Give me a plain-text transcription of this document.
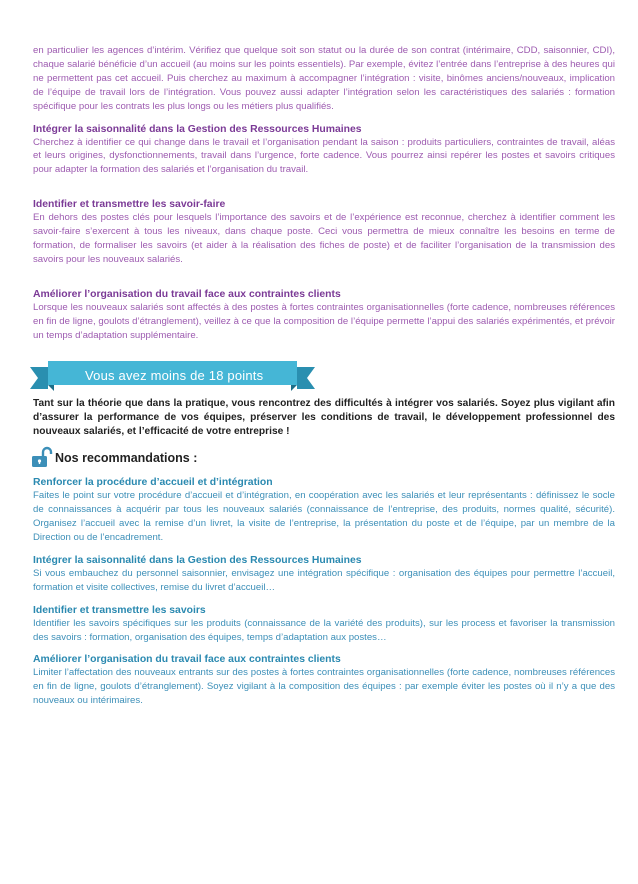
en particulier les agences d’intérim. Vérifiez que quelque soit son statut ou la durée de son contrat (intérimaire, CDD, saisonnier, CDI), chaque salarié bénéficie d’un accueil (au moins sur les points essentiels). Par exemple, évitez l’entrée dans l’entreprise à des heures qui ne permettent pas cet accueil. Puis cherchez au maximum à accompagner l’intégration : visite, binômes anciens/nouveaux, implication de l’équipe de travail lors de l’intégration. Vous pouvez aussi adapter l’intégration selon les caractéristiques des salariés : formation spécifique pour les contrats les plus longs ou les métiers plus qualifiés.

Intégrer la saisonnalité dans la Gestion des Ressources Humaines

Cherchez à identifier ce qui change dans le travail et l’organisation pendant la saison : produits particuliers, contraintes de travail, aléas et leurs origines, dysfonctionnements, travail dans l’urgence, forte cadence. Vous pourrez ainsi repérer les postes et savoirs critiques pour adapter la formation des salariés et l’organisation du travail.

Identifier et transmettre les savoir-faire

En dehors des postes clés pour lesquels l’importance des savoirs et de l’expérience est reconnue, cherchez à identifier comment les savoir-faire s’exercent à tous les niveaux, dans chaque poste. Ceci vous permettra de mieux connaître les besoins en terme de formation, de formaliser les savoirs (et aider à la réalisation des fiches de poste) et de faciliter l’organisation de la transmission des savoirs pour les nouveaux salariés.

Améliorer l’organisation du travail face aux contraintes clients

Lorsque les nouveaux salariés sont affectés à des postes à fortes contraintes organisationnelles (forte cadence, nombreuses références en fin de ligne, goulots d’étranglement), veillez à ce que la composition de l’équipe permette l’appui des salariés expérimentés, et prévoir un temps d’adaptation supplémentaire.

Vous avez moins de 18 points

Tant sur la théorie que dans la pratique, vous rencontrez des difficultés à intégrer vos salariés. Soyez plus vigilant afin d’assurer la performance de vos équipes, préserver les conditions de travail, le développement professionnel des nouveaux salariés, et l’efficacité de votre entreprise !

Nos recommandations :
Renforcer la procédure d’accueil et d’intégration

Faites le point sur votre procédure d’accueil et d’intégration, en coopération avec les salariés et leur représentants : définissez le socle de connaissances à acquérir par tous les nouveaux salariés (connaissance de l’entreprise, des produits, normes qualité, sécurité). Organisez l’accueil avec la remise d’un livret, la visite de l’entreprise, la présentation du poste et de l’équipe, par un membre de la Direction ou de l’encadrement.

Intégrer la saisonnalité dans la Gestion des Ressources Humaines

Si vous embauchez du personnel saisonnier, envisagez une intégration spécifique : organisation des équipes pour permettre l’accueil, formation et visite collectives, remise du livret d’accueil…

Identifier et transmettre les savoirs

Identifier les savoirs spécifiques sur les produits (connaissance de la variété des produits), sur les process et favoriser la transmission des savoirs : formation, organisation des équipes, temps d’adaptation aux postes…

Améliorer l’organisation du travail face aux contraintes clients

Limiter l’affectation des nouveaux entrants sur des postes à fortes contraintes organisationnelles (forte cadence, nombreuses références en fin de ligne, goulots d’étranglement). Soyez vigilant à la composition des équipes : par exemple éviter les postes où il n’y a que des nouveaux ou intérimaires.
